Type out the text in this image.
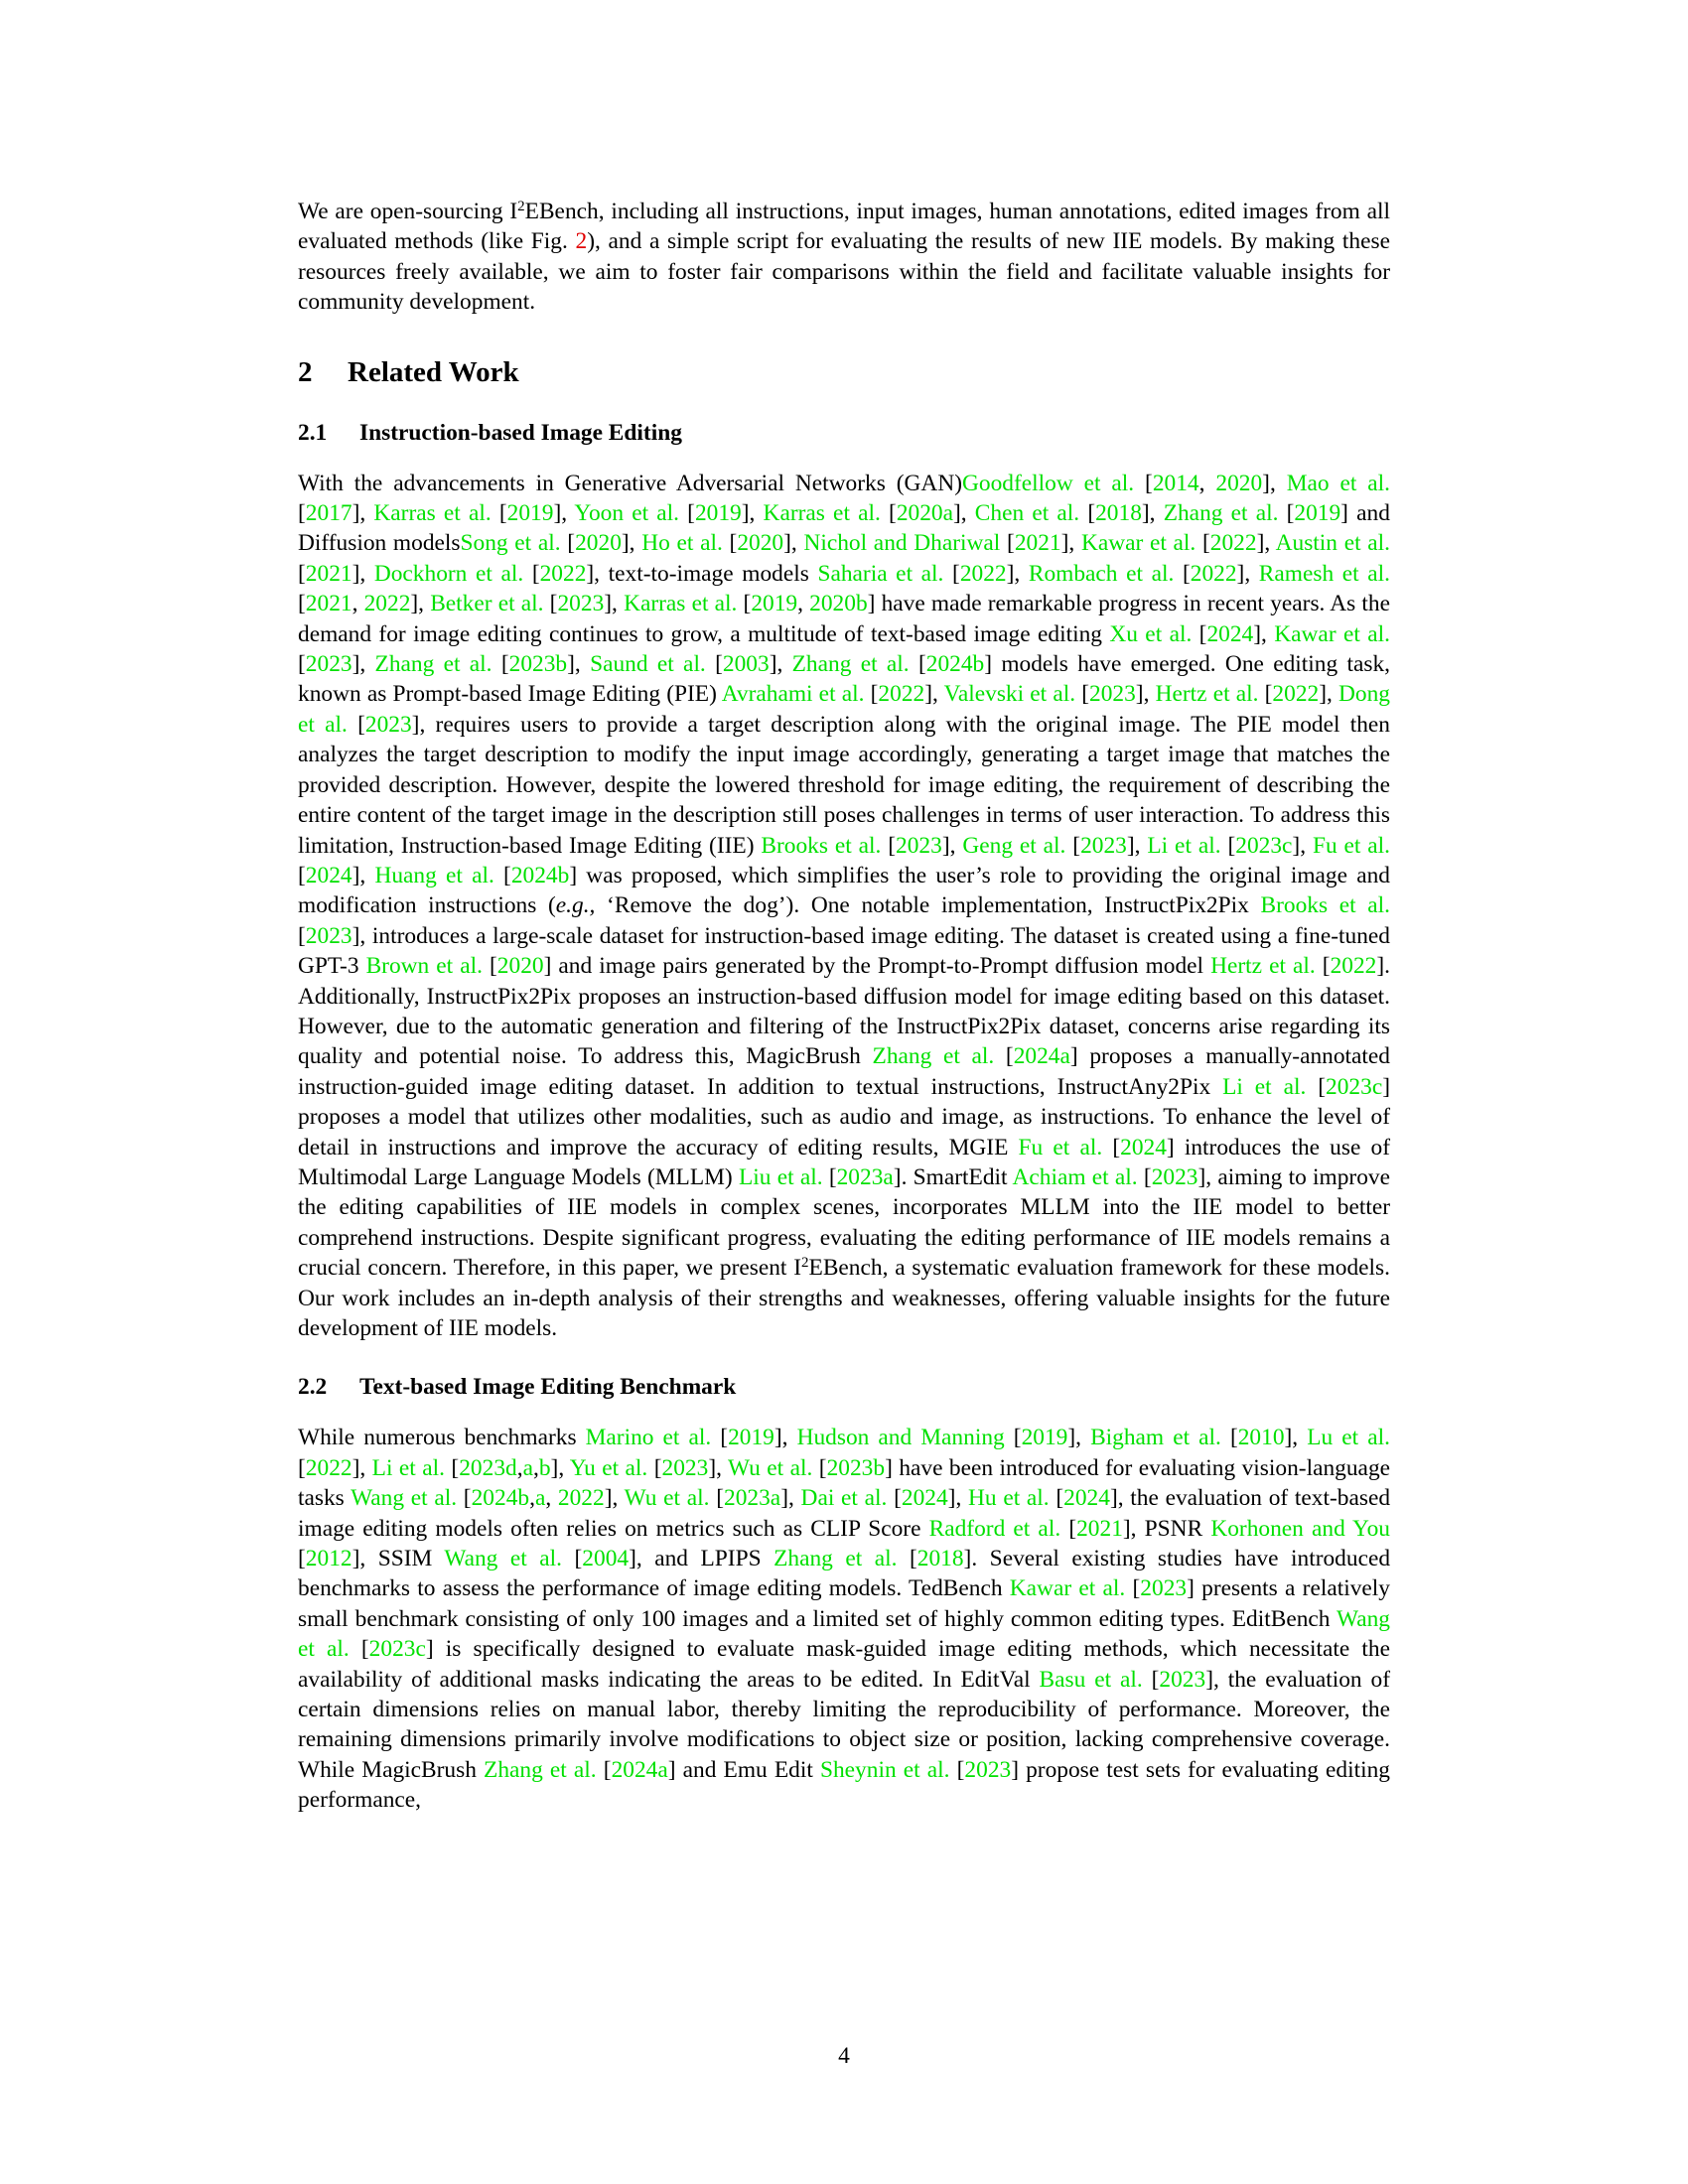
We are open-sourcing $I^2EBench$, including all instructions, input images, human annotations, edited images from all evaluated methods (like Fig. 2), and a simple script for evaluating the results of new IIE models. By making these resources freely available, we aim to foster fair comparisons within the field and facilitate valuable insights for community development.

2 Related Work
2.1 Instruction-based Image Editing

With the advancements in Generative Adversarial Networks (GAN)Goodfellow et al. [2014, 2020], Mao et al. [2017], Karras et al. [2019], Yoon et al. [2019], Karras et al. [2020a], Chen et al. [2018], Zhang et al. [2019] and Diffusion modelsSong et al. [2020], Ho et al. [2020], Nichol and Dhariwal [2021], Kawar et al. [2022], Austin et al. [2021], Dockhorn et al. [2022], text-to-image models Saharia et al. [2022], Rombach et al. [2022], Ramesh et al. [2021, 2022], Betker et al. [2023], Karras et al. [2019, 2020b] have made remarkable progress in recent years. As the demand for image editing continues to grow, a multitude of text-based image editing Xu et al. [2024], Kawar et al. [2023], Zhang et al. [2023b], Saund et al. [2003], Zhang et al. [2024b] models have emerged. One editing task, known as Prompt-based Image Editing (PIE) Avrahami et al. [2022], Valevski et al. [2023], Hertz et al. [2022], Dong et al. [2023], requires users to provide a target description along with the original image. The PIE model then analyzes the target description to modify the input image accordingly, generating a target image that matches the provided description. However, despite the lowered threshold for image editing, the requirement of describing the entire content of the target image in the description still poses challenges in terms of user interaction. To address this limitation, Instruction-based Image Editing (IIE) Brooks et al. [2023], Geng et al. [2023], Li et al. [2023c], Fu et al. [2024], Huang et al. [2024b] was proposed, which simplifies the user’s role to providing the original image and modification instructions (e.g., ‘Remove the dog’). One notable implementation, InstructPix2Pix Brooks et al. [2023], introduces a large-scale dataset for instruction-based image editing. The dataset is created using a fine-tuned GPT-3 Brown et al. [2020] and image pairs generated by the Prompt-to-Prompt diffusion model Hertz et al. [2022]. Additionally, InstructPix2Pix proposes an instruction-based diffusion model for image editing based on this dataset. However, due to the automatic generation and filtering of the InstructPix2Pix dataset, concerns arise regarding its quality and potential noise. To address this, MagicBrush Zhang et al. [2024a] proposes a manually-annotated instruction-guided image editing dataset. In addition to textual instructions, InstructAny2Pix Li et al. [2023c] proposes a model that utilizes other modalities, such as audio and image, as instructions. To enhance the level of detail in instructions and improve the accuracy of editing results, MGIE Fu et al. [2024] introduces the use of Multimodal Large Language Models (MLLM) Liu et al. [2023a]. SmartEdit Achiam et al. [2023], aiming to improve the editing capabilities of IIE models in complex scenes, incorporates MLLM into the IIE model to better comprehend instructions. Despite significant progress, evaluating the editing performance of IIE models remains a crucial concern. Therefore, in this paper, we present $I^2EBench$, a systematic evaluation framework for these models. Our work includes an in-depth analysis of their strengths and weaknesses, offering valuable insights for the future development of IIE models.

2.2 Text-based Image Editing Benchmark

While numerous benchmarks Marino et al. [2019], Hudson and Manning [2019], Bigham et al. [2010], Lu et al. [2022], Li et al. [2023d,a,b], Yu et al. [2023], Wu et al. [2023b] have been introduced for evaluating vision-language tasks Wang et al. [2024b,a, 2022], Wu et al. [2023a], Dai et al. [2024], Hu et al. [2024], the evaluation of text-based image editing models often relies on metrics such as CLIP Score Radford et al. [2021], PSNR Korhonen and You [2012], SSIM Wang et al. [2004], and LPIPS Zhang et al. [2018]. Several existing studies have introduced benchmarks to assess the performance of image editing models. TedBench Kawar et al. [2023] presents a relatively small benchmark consisting of only 100 images and a limited set of highly common editing types. EditBench Wang et al. [2023c] is specifically designed to evaluate mask-guided image editing methods, which necessitate the availability of additional masks indicating the areas to be edited. In EditVal Basu et al. [2023], the evaluation of certain dimensions relies on manual labor, thereby limiting the reproducibility of performance. Moreover, the remaining dimensions primarily involve modifications to object size or position, lacking comprehensive coverage. While MagicBrush Zhang et al. [2024a] and Emu Edit Sheynin et al. [2023] propose test sets for evaluating editing performance,

4
